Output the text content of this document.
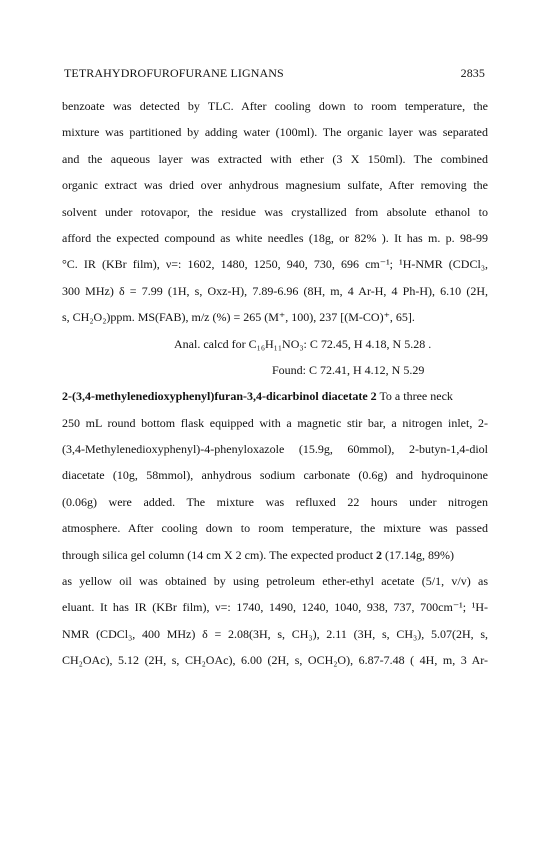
TETRAHYDROFUROFURANE LIGNANS	2835
benzoate was detected by TLC. After cooling down to room temperature, the
mixture was partitioned by adding water (100ml). The organic layer was separated
and the aqueous layer was extracted with ether (3 X 150ml). The combined
organic extract was dried over anhydrous magnesium sulfate, After removing the
solvent under rotovapor, the residue was crystallized from absolute ethanol to
afford the expected compound as white needles (18g, or 82% ). It has m. p. 98-99
°C. IR (KBr film), ν=: 1602, 1480, 1250, 940, 730, 696 cm⁻¹; ¹H-NMR (CDCl₃,
300 MHz) δ = 7.99 (1H, s, Oxz-H), 7.89-6.96 (8H, m, 4 Ar-H, 4 Ph-H), 6.10 (2H,
s, CH₂O₂)ppm. MS(FAB), m/z (%) = 265 (M⁺, 100), 237 [(M-CO)⁺, 65].
Anal. calcd for C₁₆H₁₁NO₃: C 72.45, H 4.18, N 5.28 .
Found: C 72.41, H 4.12, N 5.29
2-(3,4-methylenedioxyphenyl)furan-3,4-dicarbinol diacetate 2 To a three neck
250 mL round bottom flask equipped with a magnetic stir bar, a nitrogen inlet, 2-
(3,4-Methylenedioxyphenyl)-4-phenyloxazole (15.9g, 60mmol), 2-butyn-1,4-diol
diacetate (10g, 58mmol), anhydrous sodium carbonate (0.6g) and hydroquinone
(0.06g) were added. The mixture was refluxed 22 hours under nitrogen
atmosphere. After cooling down to room temperature, the mixture was passed
through silica gel column (14 cm X 2 cm). The expected product 2 (17.14g, 89%)
as yellow oil was obtained by using petroleum ether-ethyl acetate (5/1, v/v) as
eluant. It has IR (KBr film), ν=: 1740, 1490, 1240, 1040, 938, 737, 700cm⁻¹; ¹H-
NMR (CDCl₃, 400 MHz) δ = 2.08(3H, s, CH₃), 2.11 (3H, s, CH₃), 5.07(2H, s,
CH₂OAc), 5.12 (2H, s, CH₂OAc), 6.00 (2H, s, OCH₂O), 6.87-7.48 ( 4H, m, 3 Ar-
